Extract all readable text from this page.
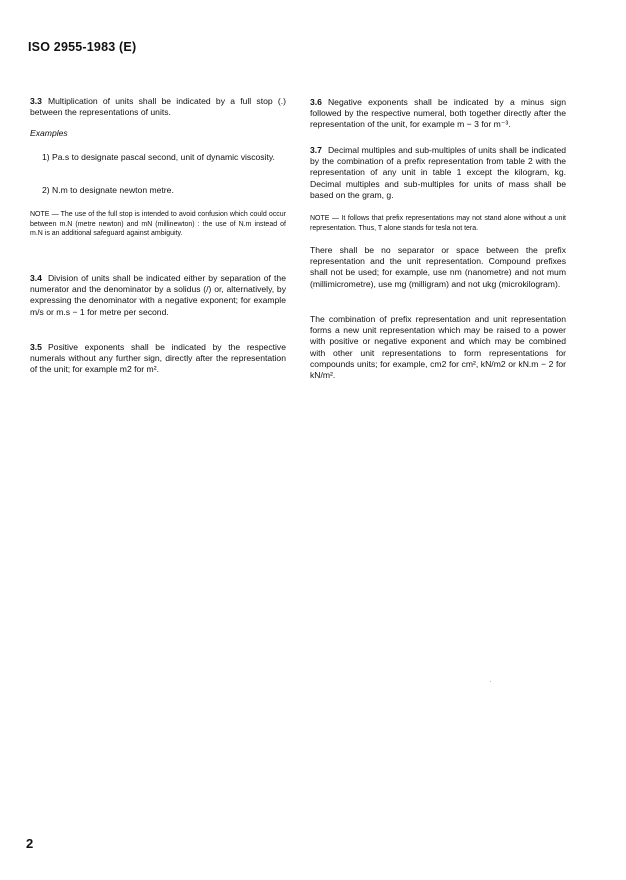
ISO 2955-1983 (E)

3.3 Multiplication of units shall be indicated by a full stop (.) between the representations of units.

Examples
1) Pa.s to designate pascal second, unit of dynamic viscosity.
2) N.m to designate newton metre.
NOTE — The use of the full stop is intended to avoid confusion which could occur between m.N (metre newton) and mN (millinewton) : the use of N.m instead of m.N is an additional safeguard against ambiguity.

3.4 Division of units shall be indicated either by separation of the numerator and the denominator by a solidus (/) or, alternatively, by expressing the denominator with a negative exponent; for example m/s or m.s − 1 for metre per second.

3.5 Positive exponents shall be indicated by the respective numerals without any further sign, directly after the representation of the unit; for example m2 for m².

3.6 Negative exponents shall be indicated by a minus sign followed by the respective numeral, both together directly after the representation of the unit, for example m − 3 for m⁻³.

3.7 Decimal multiples and sub-multiples of units shall be indicated by the combination of a prefix representation from table 2 with the representation of any unit in table 1 except the kilogram, kg. Decimal multiples and sub-multiples for units of mass shall be based on the gram, g.

NOTE — It follows that prefix representations may not stand alone without a unit representation. Thus, T alone stands for tesla not tera.
There shall be no separator or space between the prefix representation and the unit representation. Compound prefixes shall not be used; for example, use nm (nanometre) and not mum (millimicrometre), use mg (milligram) and not ukg (microkilogram).
The combination of prefix representation and unit representation forms a new unit representation which may be raised to a power with positive or negative exponent and which may be combined with other unit representations to form representations for compounds units; for example, cm2 for cm², kN/m2 or kN.m − 2 for kN/m².
2
